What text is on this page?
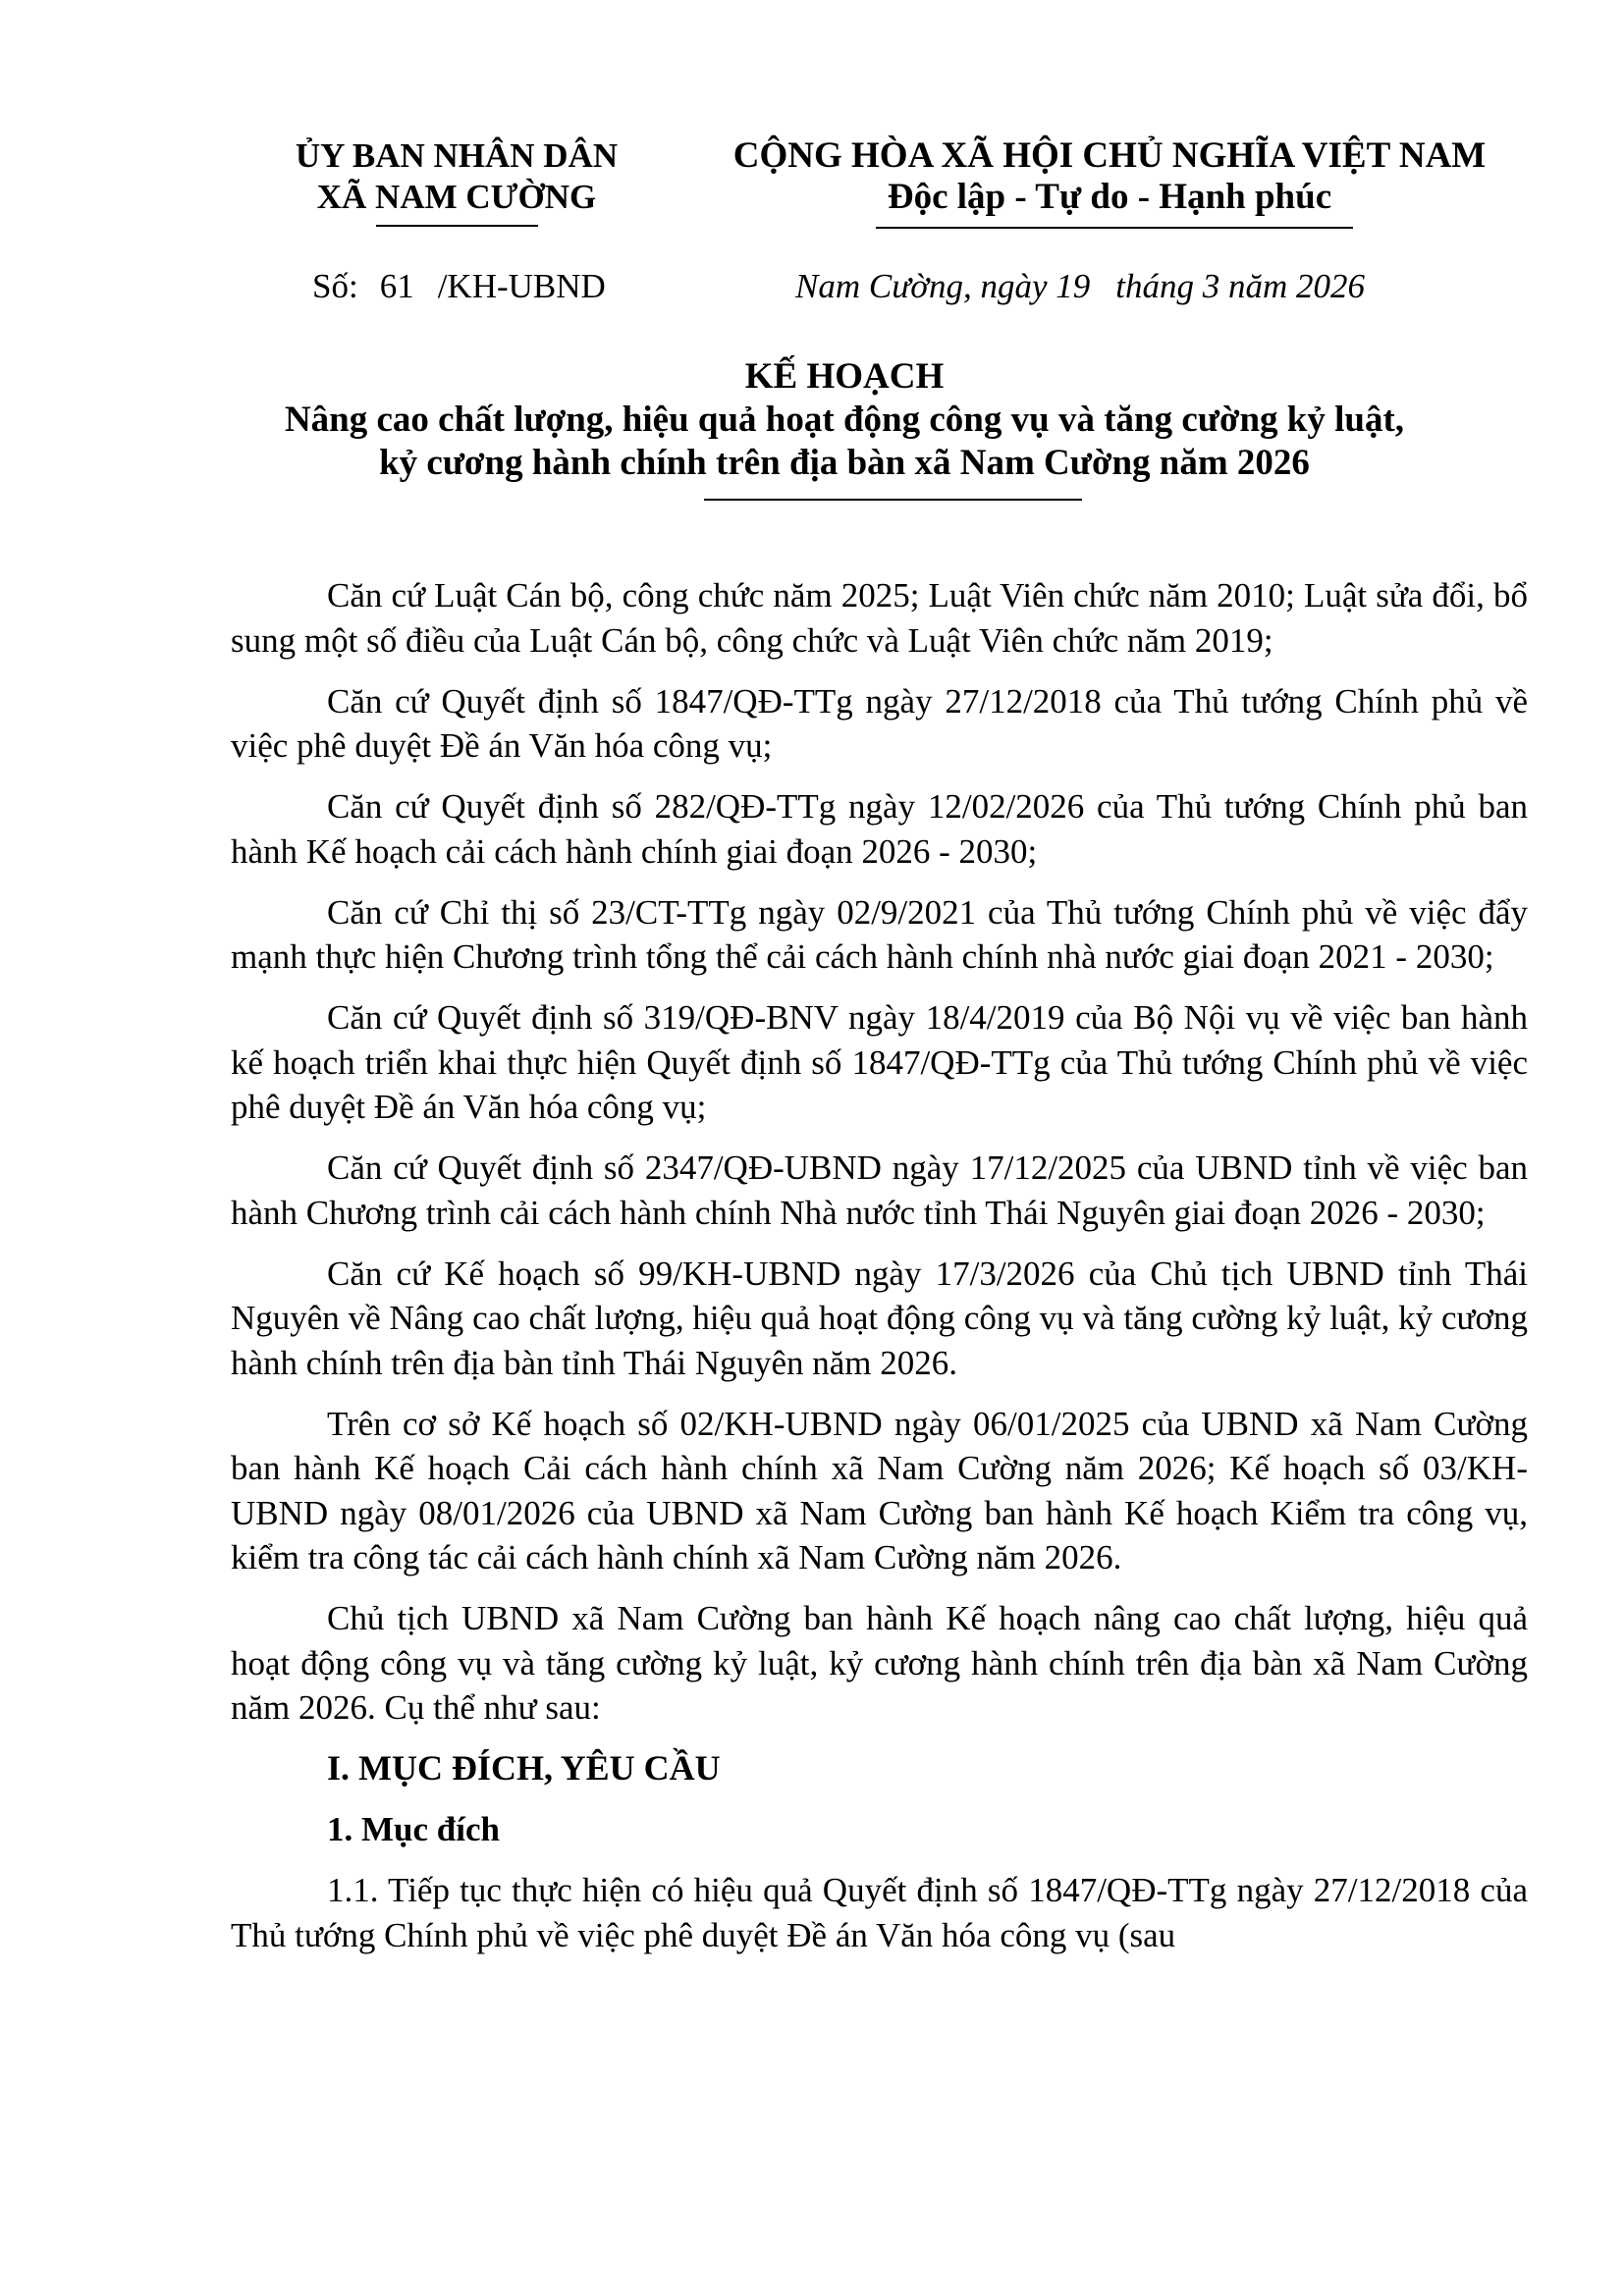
ỦY BAN NHÂN DÂN
XÃ NAM CƯỜNG
CỘNG HÒA XÃ HỘI CHỦ NGHĨA VIỆT NAM
Độc lập - Tự do - Hạnh phúc
Số: 61 /KH-UBND	Nam Cường, ngày 19 tháng 3 năm 2026
KẾ HOẠCH
Nâng cao chất lượng, hiệu quả hoạt động công vụ và tăng cường kỷ luật,
kỷ cương hành chính trên địa bàn xã Nam Cường năm 2026

Căn cứ Luật Cán bộ, công chức năm 2025; Luật Viên chức năm 2010; Luật sửa đổi, bổ sung một số điều của Luật Cán bộ, công chức và Luật Viên chức năm 2019;

Căn cứ Quyết định số 1847/QĐ-TTg ngày 27/12/2018 của Thủ tướng Chính phủ về việc phê duyệt Đề án Văn hóa công vụ;

Căn cứ Quyết định số 282/QĐ-TTg ngày 12/02/2026 của Thủ tướng Chính phủ ban hành Kế hoạch cải cách hành chính giai đoạn 2026 - 2030;

Căn cứ Chỉ thị số 23/CT-TTg ngày 02/9/2021 của Thủ tướng Chính phủ về việc đẩy mạnh thực hiện Chương trình tổng thể cải cách hành chính nhà nước giai đoạn 2021 - 2030;

Căn cứ Quyết định số 319/QĐ-BNV ngày 18/4/2019 của Bộ Nội vụ về việc ban hành kế hoạch triển khai thực hiện Quyết định số 1847/QĐ-TTg của Thủ tướng Chính phủ về việc phê duyệt Đề án Văn hóa công vụ;

Căn cứ Quyết định số 2347/QĐ-UBND ngày 17/12/2025 của UBND tỉnh về việc ban hành Chương trình cải cách hành chính Nhà nước tỉnh Thái Nguyên giai đoạn 2026 - 2030;

Căn cứ Kế hoạch số 99/KH-UBND ngày 17/3/2026 của Chủ tịch UBND tỉnh Thái Nguyên về Nâng cao chất lượng, hiệu quả hoạt động công vụ và tăng cường kỷ luật, kỷ cương hành chính trên địa bàn tỉnh Thái Nguyên năm 2026.

Trên cơ sở Kế hoạch số 02/KH-UBND ngày 06/01/2025 của UBND xã Nam Cường ban hành Kế hoạch Cải cách hành chính xã Nam Cường năm 2026; Kế hoạch số 03/KH-UBND ngày 08/01/2026 của UBND xã Nam Cường ban hành Kế hoạch Kiểm tra công vụ, kiểm tra công tác cải cách hành chính xã Nam Cường năm 2026.

Chủ tịch UBND xã Nam Cường ban hành Kế hoạch nâng cao chất lượng, hiệu quả hoạt động công vụ và tăng cường kỷ luật, kỷ cương hành chính trên địa bàn xã Nam Cường năm 2026. Cụ thể như sau:

I. MỤC ĐÍCH, YÊU CẦU

1. Mục đích

1.1. Tiếp tục thực hiện có hiệu quả Quyết định số 1847/QĐ-TTg ngày 27/12/2018 của Thủ tướng Chính phủ về việc phê duyệt Đề án Văn hóa công vụ (sau
